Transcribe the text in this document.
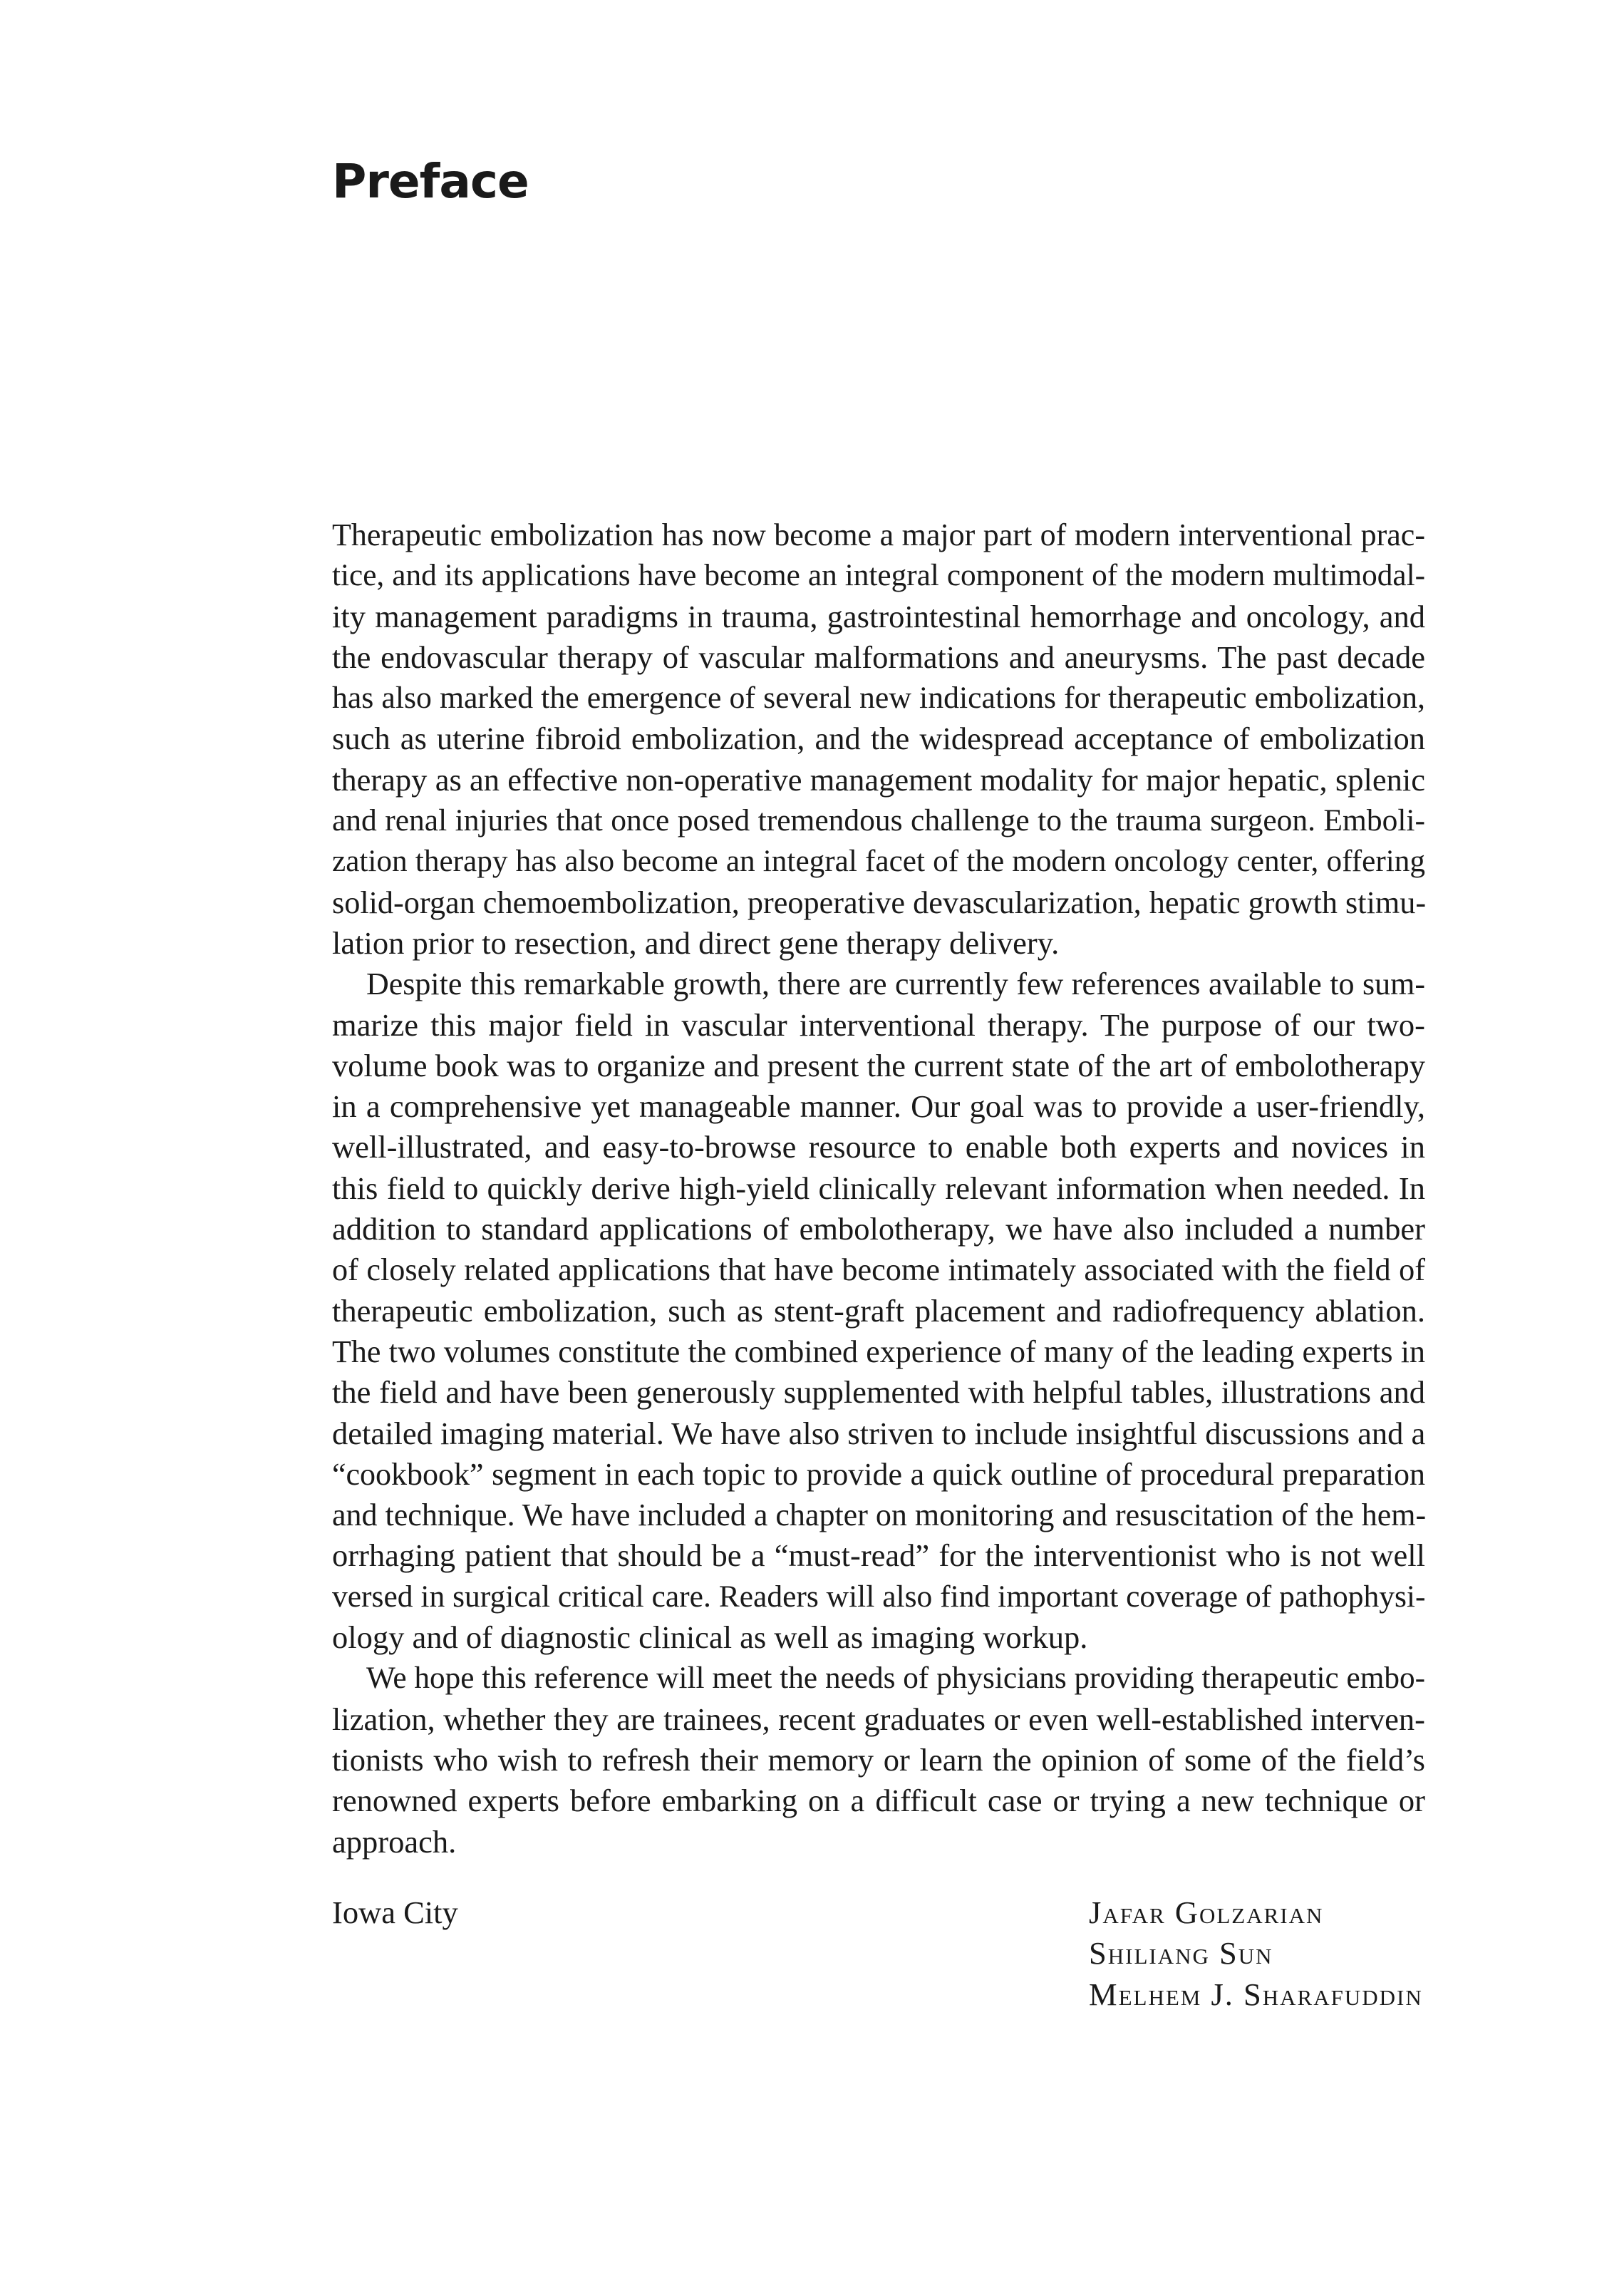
Preface
Therapeutic embolization has now become a major part of modern interventional prac-
tice, and its applications have become an integral component of the modern multimodal-
ity management paradigms in trauma, gastrointestinal hemorrhage and oncology, and
the endovascular therapy of vascular malformations and aneurysms. The past decade
has also marked the emergence of several new indications for therapeutic embolization,
such as uterine fibroid embolization, and the widespread acceptance of embolization
therapy as an effective non-operative management modality for major hepatic, splenic
and renal injuries that once posed tremendous challenge to the trauma surgeon. Emboli-
zation therapy has also become an integral facet of the modern oncology center, offering
solid-organ chemoembolization, preoperative devascularization, hepatic growth stimu-
lation prior to resection, and direct gene therapy delivery.
Despite this remarkable growth, there are currently few references available to sum-
marize this major field in vascular interventional therapy. The purpose of our two-
volume book was to organize and present the current state of the art of embolotherapy
in a comprehensive yet manageable manner. Our goal was to provide a user-friendly,
well-illustrated, and easy-to-browse resource to enable both experts and novices in
this field to quickly derive high-yield clinically relevant information when needed. In
addition to standard applications of embolotherapy, we have also included a number
of closely related applications that have become intimately associated with the field of
therapeutic embolization, such as stent-graft placement and radiofrequency ablation.
The two volumes constitute the combined experience of many of the leading experts in
the field and have been generously supplemented with helpful tables, illustrations and
detailed imaging material. We have also striven to include insightful discussions and a
“cookbook” segment in each topic to provide a quick outline of procedural preparation
and technique. We have included a chapter on monitoring and resuscitation of the hem-
orrhaging patient that should be a “must-read” for the interventionist who is not well
versed in surgical critical care. Readers will also find important coverage of pathophysi-
ology and of diagnostic clinical as well as imaging workup.
We hope this reference will meet the needs of physicians providing therapeutic embo-
lization, whether they are trainees, recent graduates or even well-established interven-
tionists who wish to refresh their memory or learn the opinion of some of the field’s
renowned experts before embarking on a difficult case or trying a new technique or
approach.
Iowa City	Jafar Golzarian
Shiliang Sun
Melhem J. Sharafuddin
